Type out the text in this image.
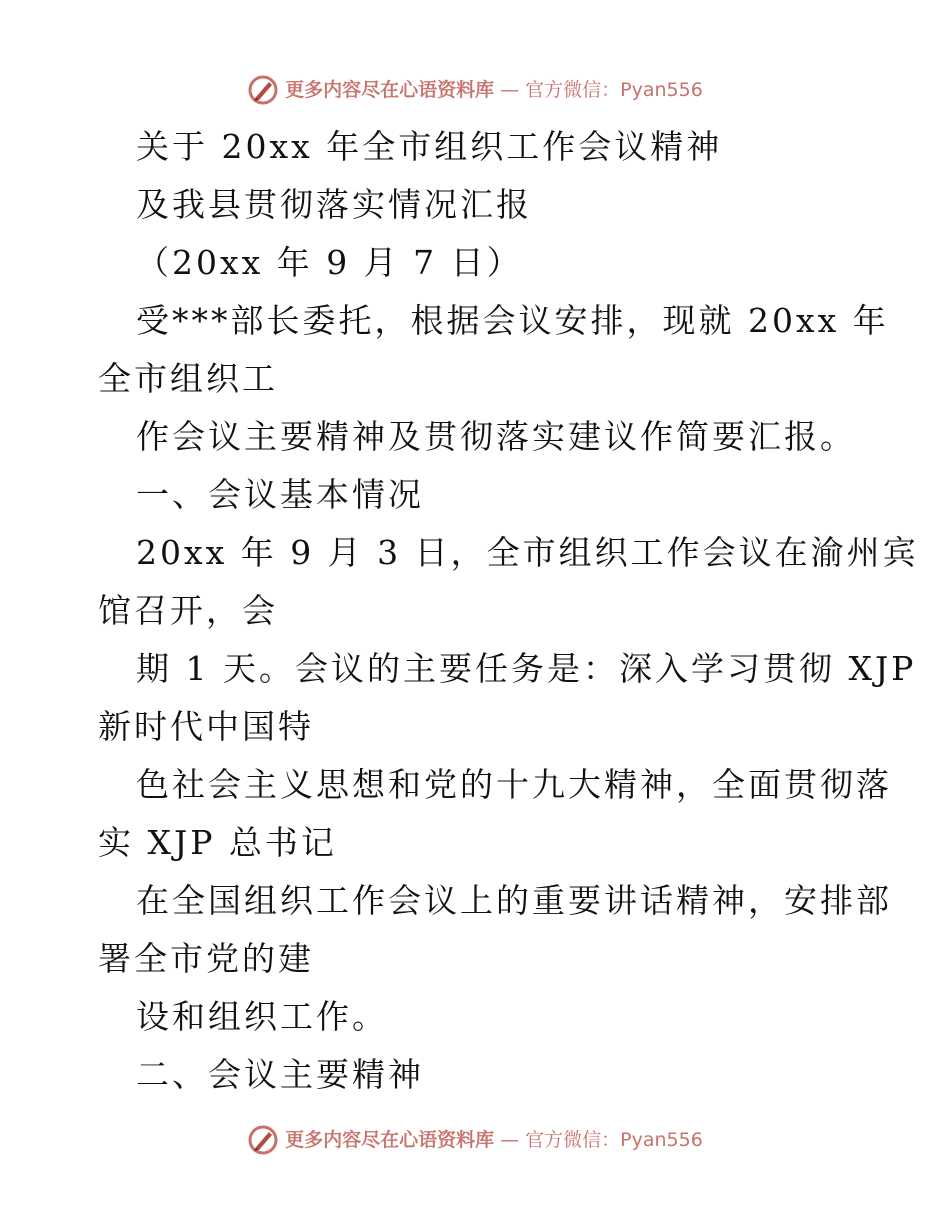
更多内容尽在心语资料库 — 官方微信：Pyan556
关于 20xx 年全市组织工作会议精神
及我县贯彻落实情况汇报
（20xx 年 9 月 7 日）
受***部长委托，根据会议安排，现就 20xx 年
全市组织工
作会议主要精神及贯彻落实建议作简要汇报。
一、会议基本情况
20xx 年 9 月 3 日，全市组织工作会议在渝州宾
馆召开，会
期 1 天。会议的主要任务是：深入学习贯彻 XJP
新时代中国特
色社会主义思想和党的十九大精神，全面贯彻落
实 XJP 总书记
在全国组织工作会议上的重要讲话精神，安排部
署全市党的建
设和组织工作。
二、会议主要精神
更多内容尽在心语资料库 — 官方微信：Pyan556
